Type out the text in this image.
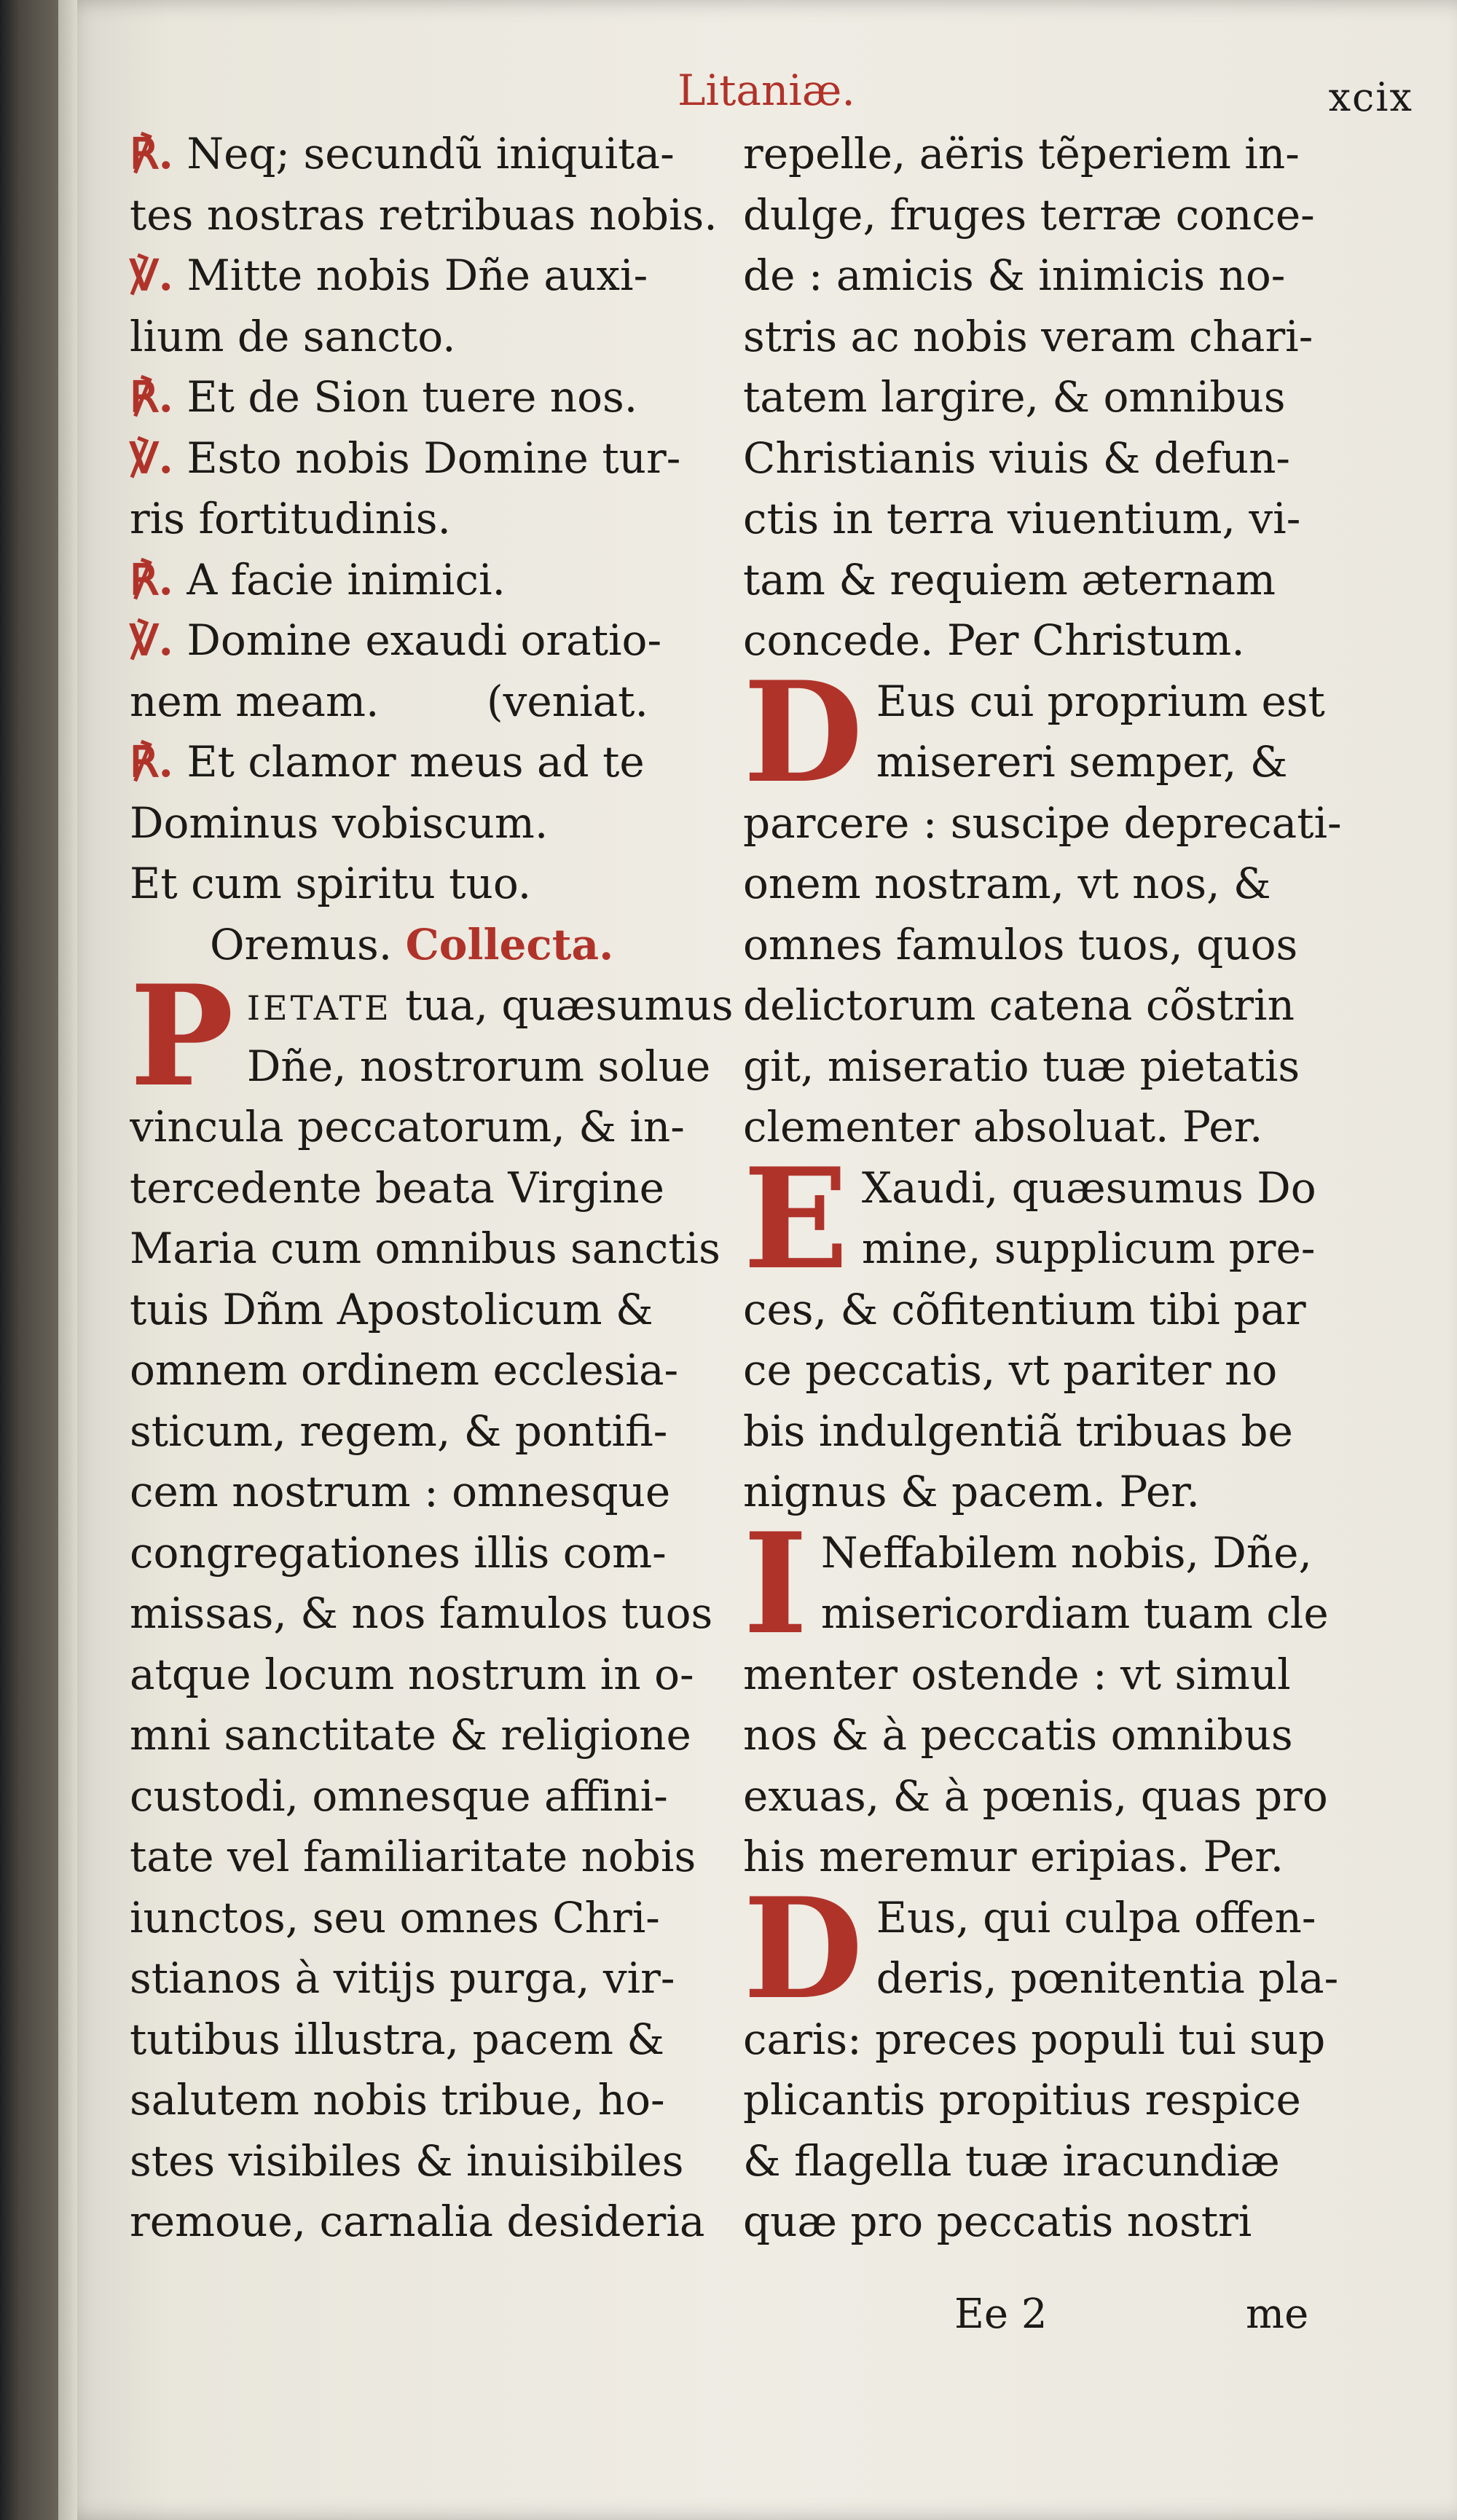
Litaniæ.	xcix
℟. Neq; secundũ iniquita-
tes nostras retribuas nobis.
℣. Mitte nobis Dñe auxi-
lium de sancto.
℟. Et de Sion tuere nos.
℣. Esto nobis Domine tur-
ris fortitudinis.
℟. A facie inimici.
℣. Domine exaudi oratio-
nem meam.        (veniat.
℟. Et clamor meus ad te
Dominus vobiscum.
Et cum spiritu tuo.
Oremus. Collecta.
P IETATE tua, quæsumus
Dñe, nostrorum solue
vincula peccatorum, & in-
tercedente beata Virgine
Maria cum omnibus sanctis
tuis Dñm Apostolicum &
omnem ordinem ecclesia-
sticum, regem, & pontifi-
cem nostrum : omnesque
congregationes illis com-
missas, & nos famulos tuos
atque locum nostrum in o-
mni sanctitate & religione
custodi, omnesque affini-
tate vel familiaritate nobis
iunctos, seu omnes Chri-
stianos à vitijs purga, vir-
tutibus illustra, pacem &
salutem nobis tribue, ho-
stes visibiles & inuisibiles
remoue, carnalia desideria
repelle, aëris tẽperiem in-
dulge, fruges terræ conce-
de : amicis & inimicis no-
stris ac nobis veram chari-
tatem largire, & omnibus
Christianis viuis & defun-
ctis in terra viuentium, vi-
tam & requiem æternam
concede. Per Christum.
D Eus cui proprium est
misereri semper, &
parcere : suscipe deprecati-
onem nostram, vt nos, &
omnes famulos tuos, quos
delictorum catena cõstrin
git, miseratio tuæ pietatis
clementer absoluat. Per.
E Xaudi, quæsumus Do
mine, supplicum pre-
ces, & cõfitentium tibi par
ce peccatis, vt pariter no
bis indulgentiã tribuas be
nignus & pacem. Per.
I Neffabilem nobis, Dñe,
misericordiam tuam cle
menter ostende : vt simul
nos & à peccatis omnibus
exuas, & à pœnis, quas pro
his meremur eripias. Per.
D Eus, qui culpa offen-
deris, pœnitentia pla-
caris: preces populi tui sup
plicantis propitius respice
& flagella tuæ iracundiæ
quæ pro peccatis nostri
Ee 2	me
